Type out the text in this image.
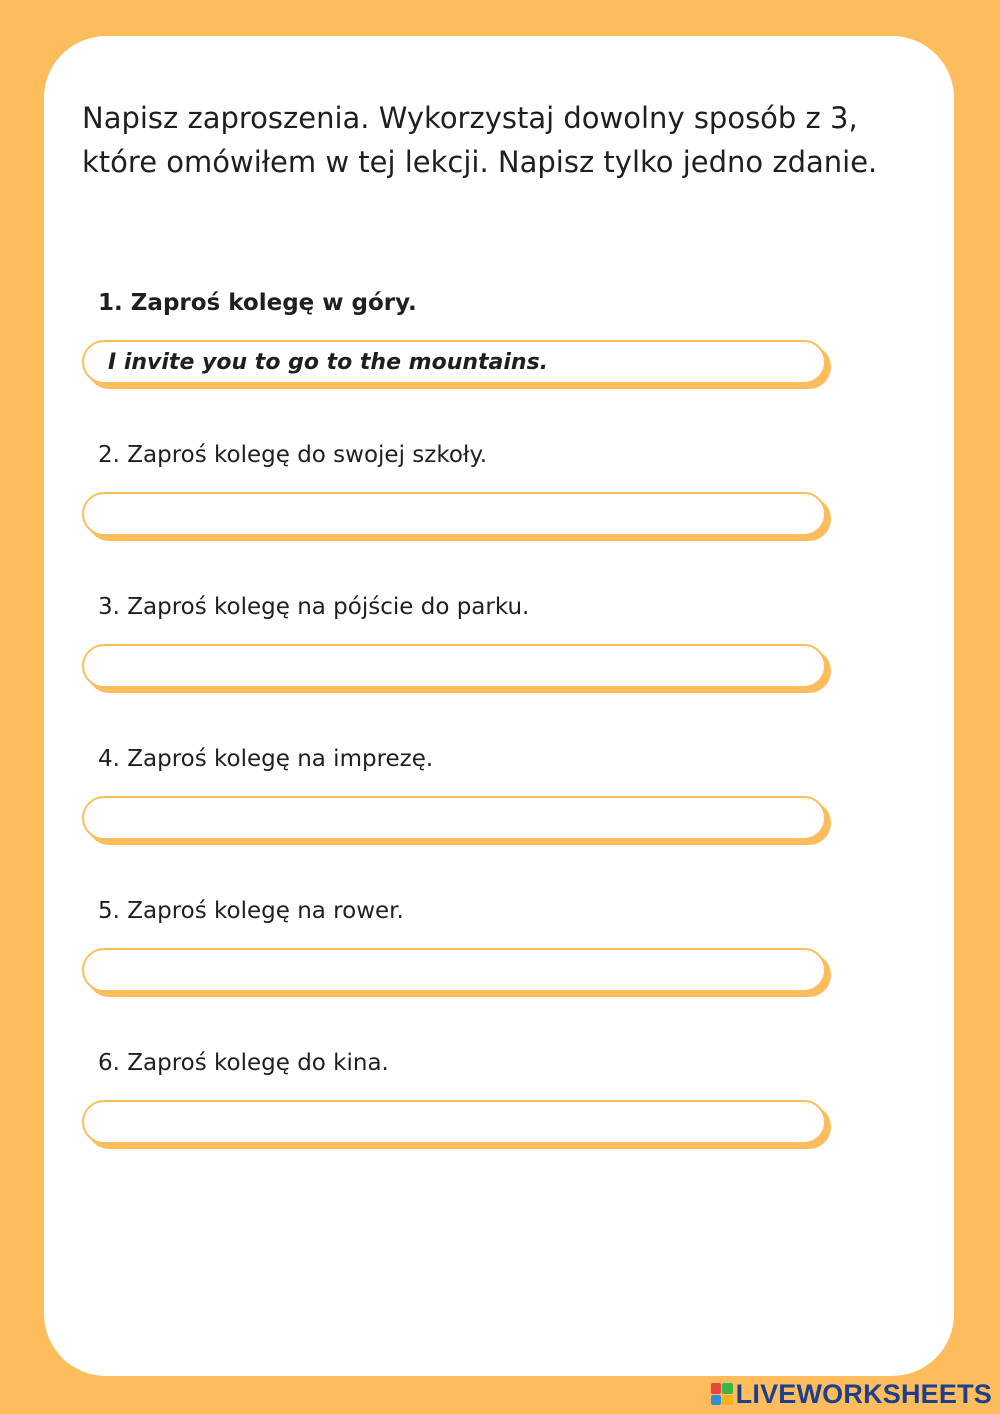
Napisz zaproszenia. Wykorzystaj dowolny sposób z 3, które omówiłem w tej lekcji. Napisz tylko jedno zdanie.

1. Zaproś kolegę w góry.

I invite you to go to the mountains.

2. Zaproś kolegę do swojej szkoły.

3. Zaproś kolegę na pójście do parku.

4. Zaproś kolegę na imprezę.

5. Zaproś kolegę na rower.

6. Zaproś kolegę do kina.

LIVEWORKSHEETS
